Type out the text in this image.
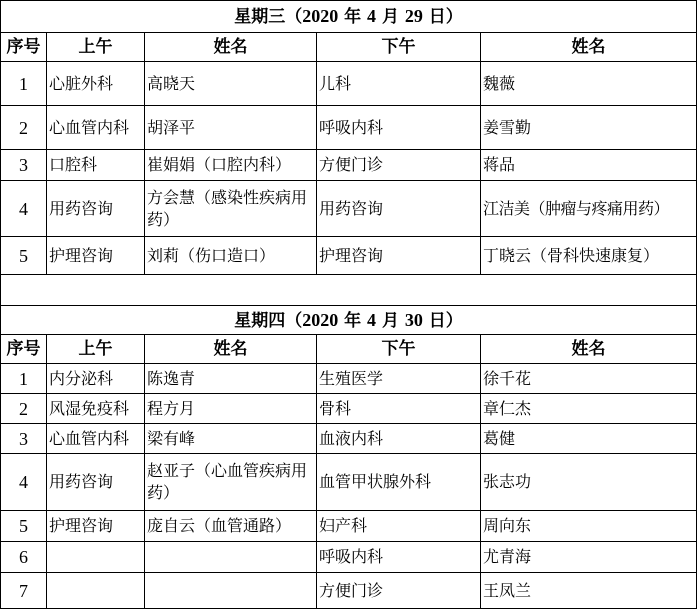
星期三（2020 年 4 月 29 日）				
序号	上午	姓名	下午	姓名
1	心脏外科	高晓天	儿科	魏薇
2	心血管内科	胡泽平	呼吸内科	姜雪勤
3	口腔科	崔娟娟（口腔内科）	方便门诊	蒋品
4	用药咨询	方会慧（感染性疾病用药）	用药咨询	江洁美（肿瘤与疼痛用药）
5	护理咨询	刘莉（伤口造口）	护理咨询	丁晓云（骨科快速康复）

星期四（2020 年 4 月 30 日）				
序号	上午	姓名	下午	姓名
1	内分泌科	陈逸青	生殖医学	徐千花
2	风湿免疫科	程方月	骨科	章仁杰
3	心血管内科	梁有峰	血液内科	葛健
4	用药咨询	赵亚子（心血管疾病用药）	血管甲状腺外科	张志功
5	护理咨询	庞自云（血管通路）	妇产科	周向东
6			呼吸内科	尤青海
7			方便门诊	王凤兰
